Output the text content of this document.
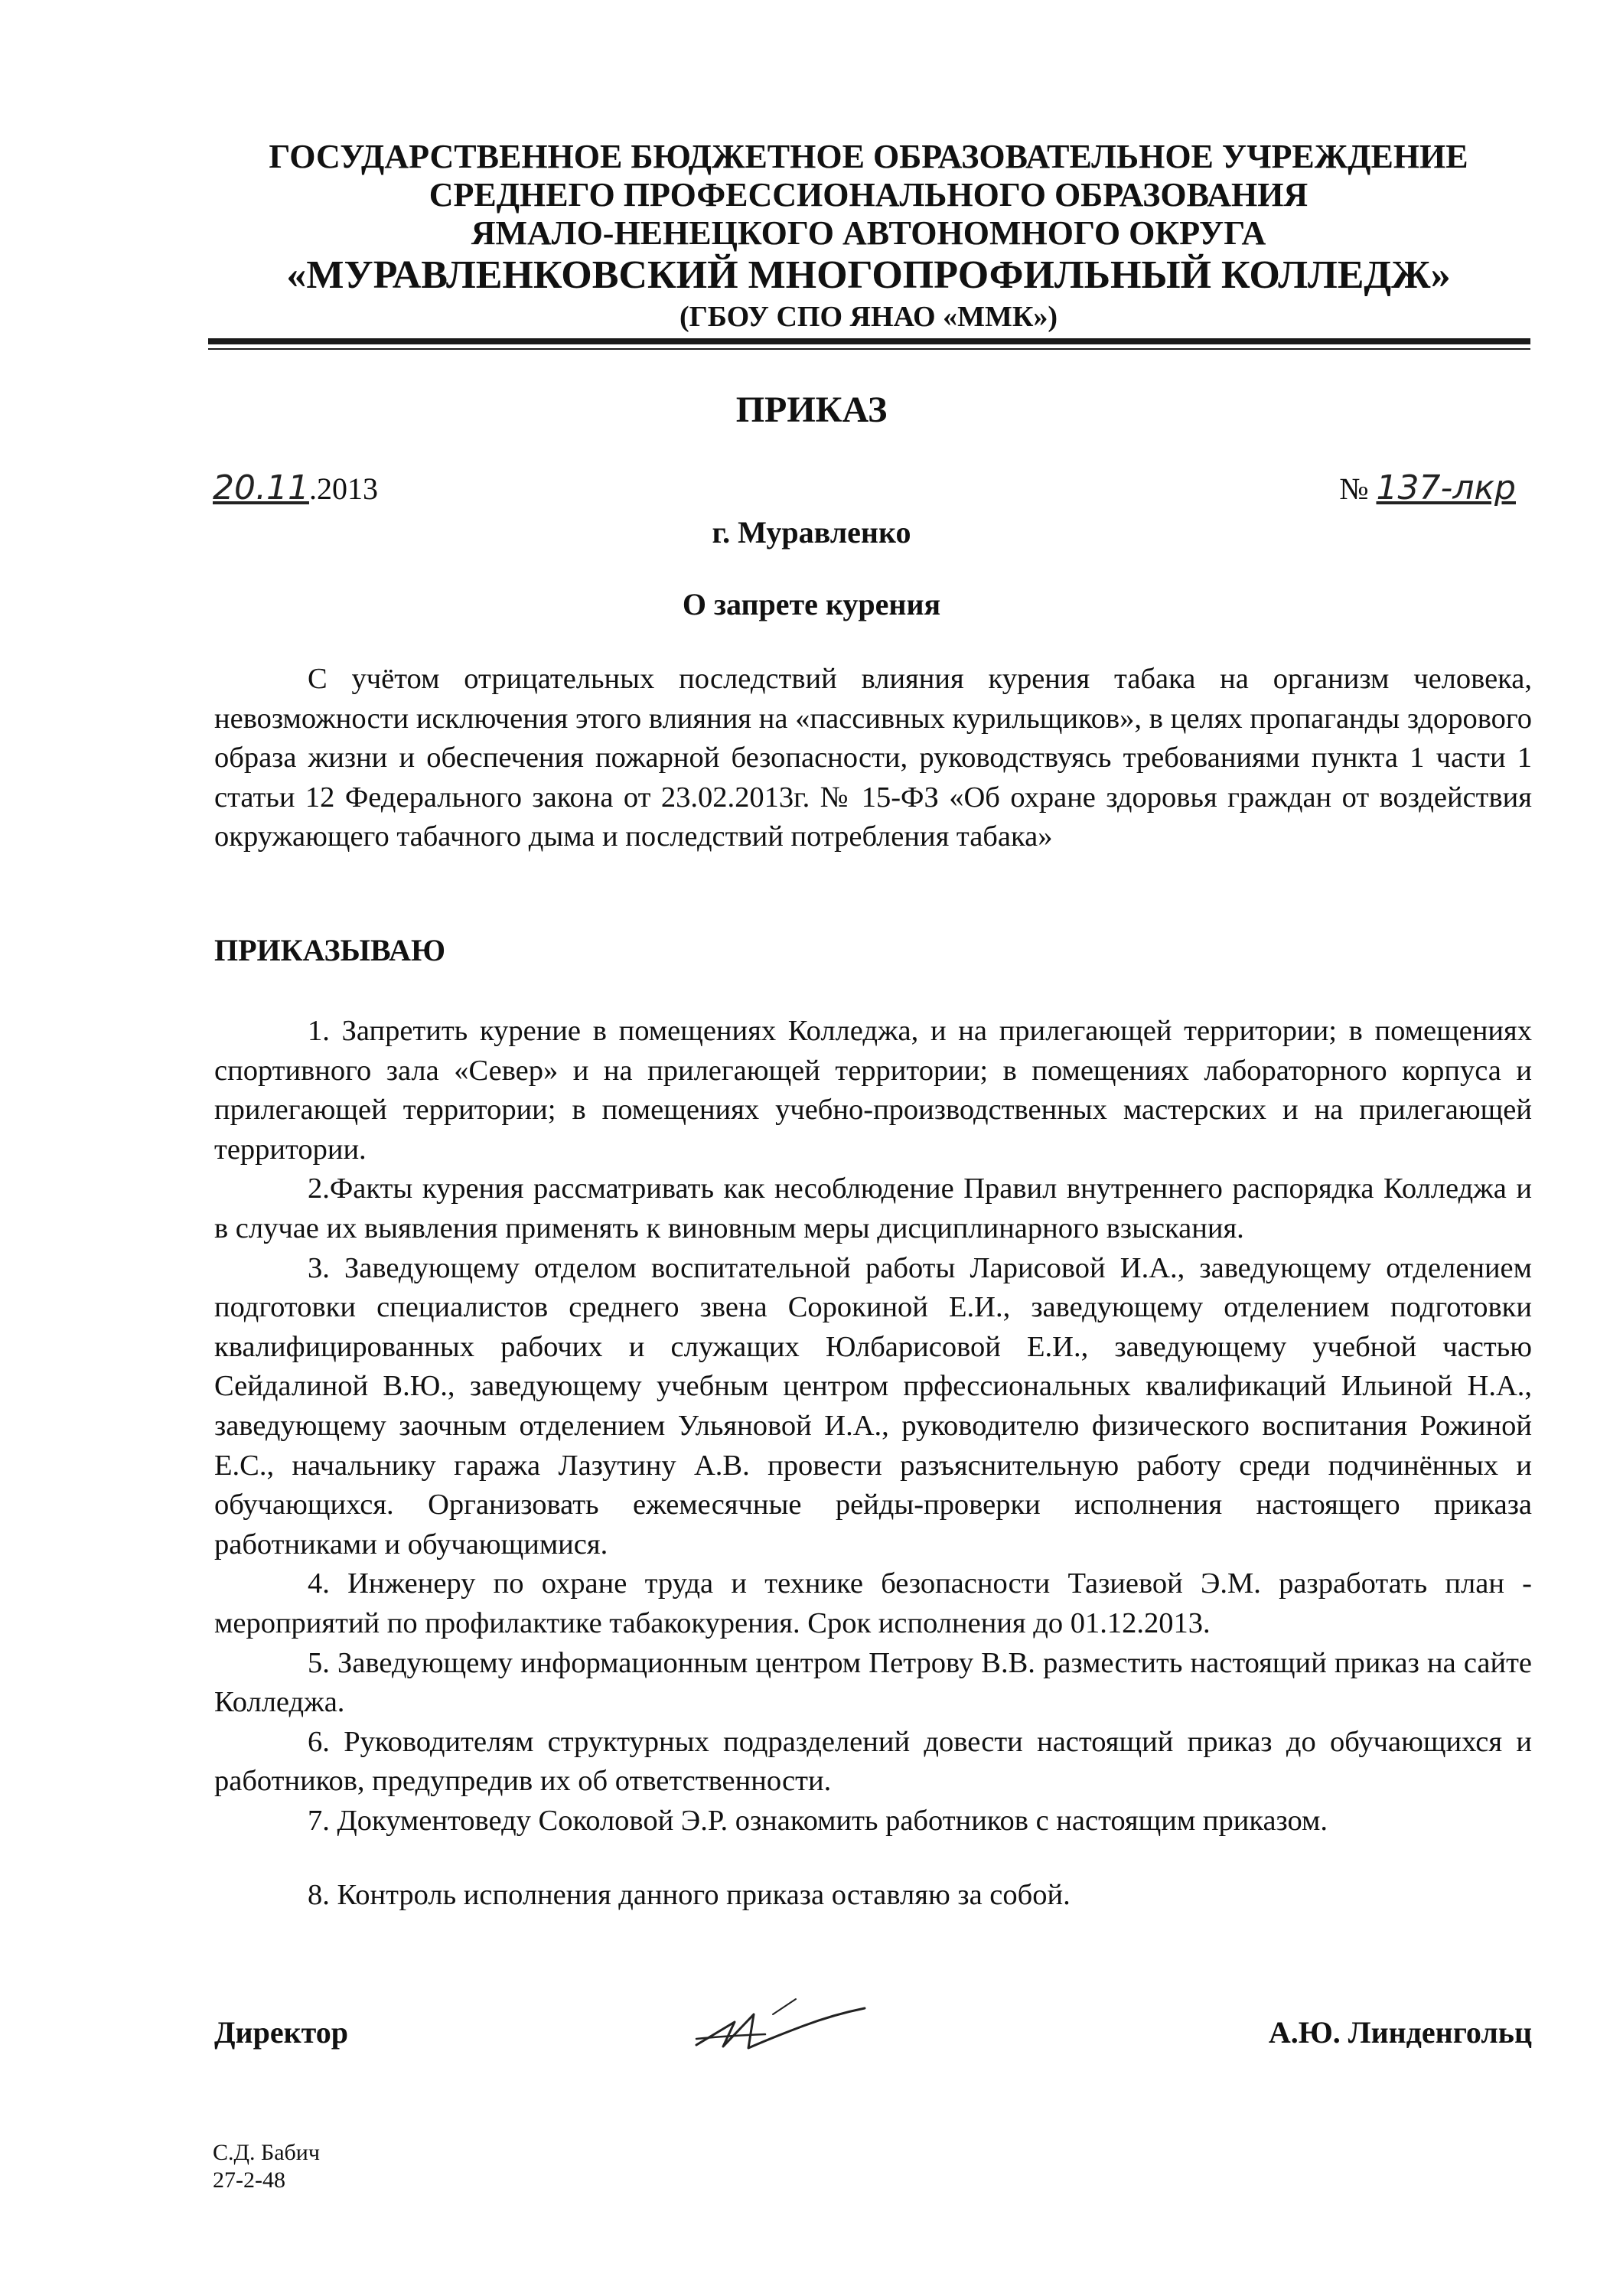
ГОСУДАРСТВЕННОЕ БЮДЖЕТНОЕ ОБРАЗОВАТЕЛЬНОЕ УЧРЕЖДЕНИЕ
СРЕДНЕГО ПРОФЕССИОНАЛЬНОГО ОБРАЗОВАНИЯ
ЯМАЛО-НЕНЕЦКОГО АВТОНОМНОГО ОКРУГА
«МУРАВЛЕНКОВСКИЙ МНОГОПРОФИЛЬНЫЙ КОЛЛЕДЖ»
(ГБОУ СПО ЯНАО «ММК»)
ПРИКАЗ
20.11.2013	№ 137-лкр
г. Муравленко
О запрете курения

С учётом отрицательных последствий влияния курения табака на организм человека, невозможности исключения этого влияния на «пассивных курильщиков», в целях пропаганды здорового образа жизни и обеспечения пожарной безопасности, руководствуясь требованиями пункта 1 части 1 статьи 12 Федерального закона от 23.02.2013г. № 15-ФЗ «Об охране здоровья граждан от воздействия окружающего табачного дыма и последствий потребления табака»

ПРИКАЗЫВАЮ

1. Запретить курение в помещениях Колледжа, и на прилегающей территории; в помещениях спортивного зала «Север» и на прилегающей территории; в помещениях лабораторного корпуса и прилегающей территории; в помещениях учебно-производственных мастерских и на прилегающей территории.

2.Факты курения рассматривать как несоблюдение Правил внутреннего распорядка Колледжа и в случае их выявления применять к виновным меры дисциплинарного взыскания.

3. Заведующему отделом воспитательной работы Ларисовой И.А., заведующему отделением подготовки специалистов среднего звена Сорокиной Е.И., заведующему отделением подготовки квалифицированных рабочих и служащих Юлбарисовой Е.И., заведующему учебной частью Сейдалиной В.Ю., заведующему учебным центром прфессиональных квалификаций Ильиной Н.А., заведующему заочным отделением Ульяновой И.А., руководителю физического воспитания Рожиной Е.С., начальнику гаража Лазутину А.В. провести разъяснительную работу среди подчинённых и обучающихся. Организовать ежемесячные рейды-проверки исполнения настоящего приказа работниками и обучающимися.

4. Инженеру по охране труда и технике безопасности Тазиевой Э.М. разработать план - мероприятий по профилактике табакокурения. Срок исполнения до 01.12.2013.

5. Заведующему информационным центром Петрову В.В. разместить настоящий приказ на сайте Колледжа.

6. Руководителям структурных подразделений довести настоящий приказ до обучающихся и работников, предупредив их об ответственности.

7. Документоведу Соколовой Э.Р. ознакомить работников с настоящим приказом.

8. Контроль исполнения данного приказа оставляю за собой.

Директор	А.Ю. Линденгольц
С.Д. Бабич
27-2-48
